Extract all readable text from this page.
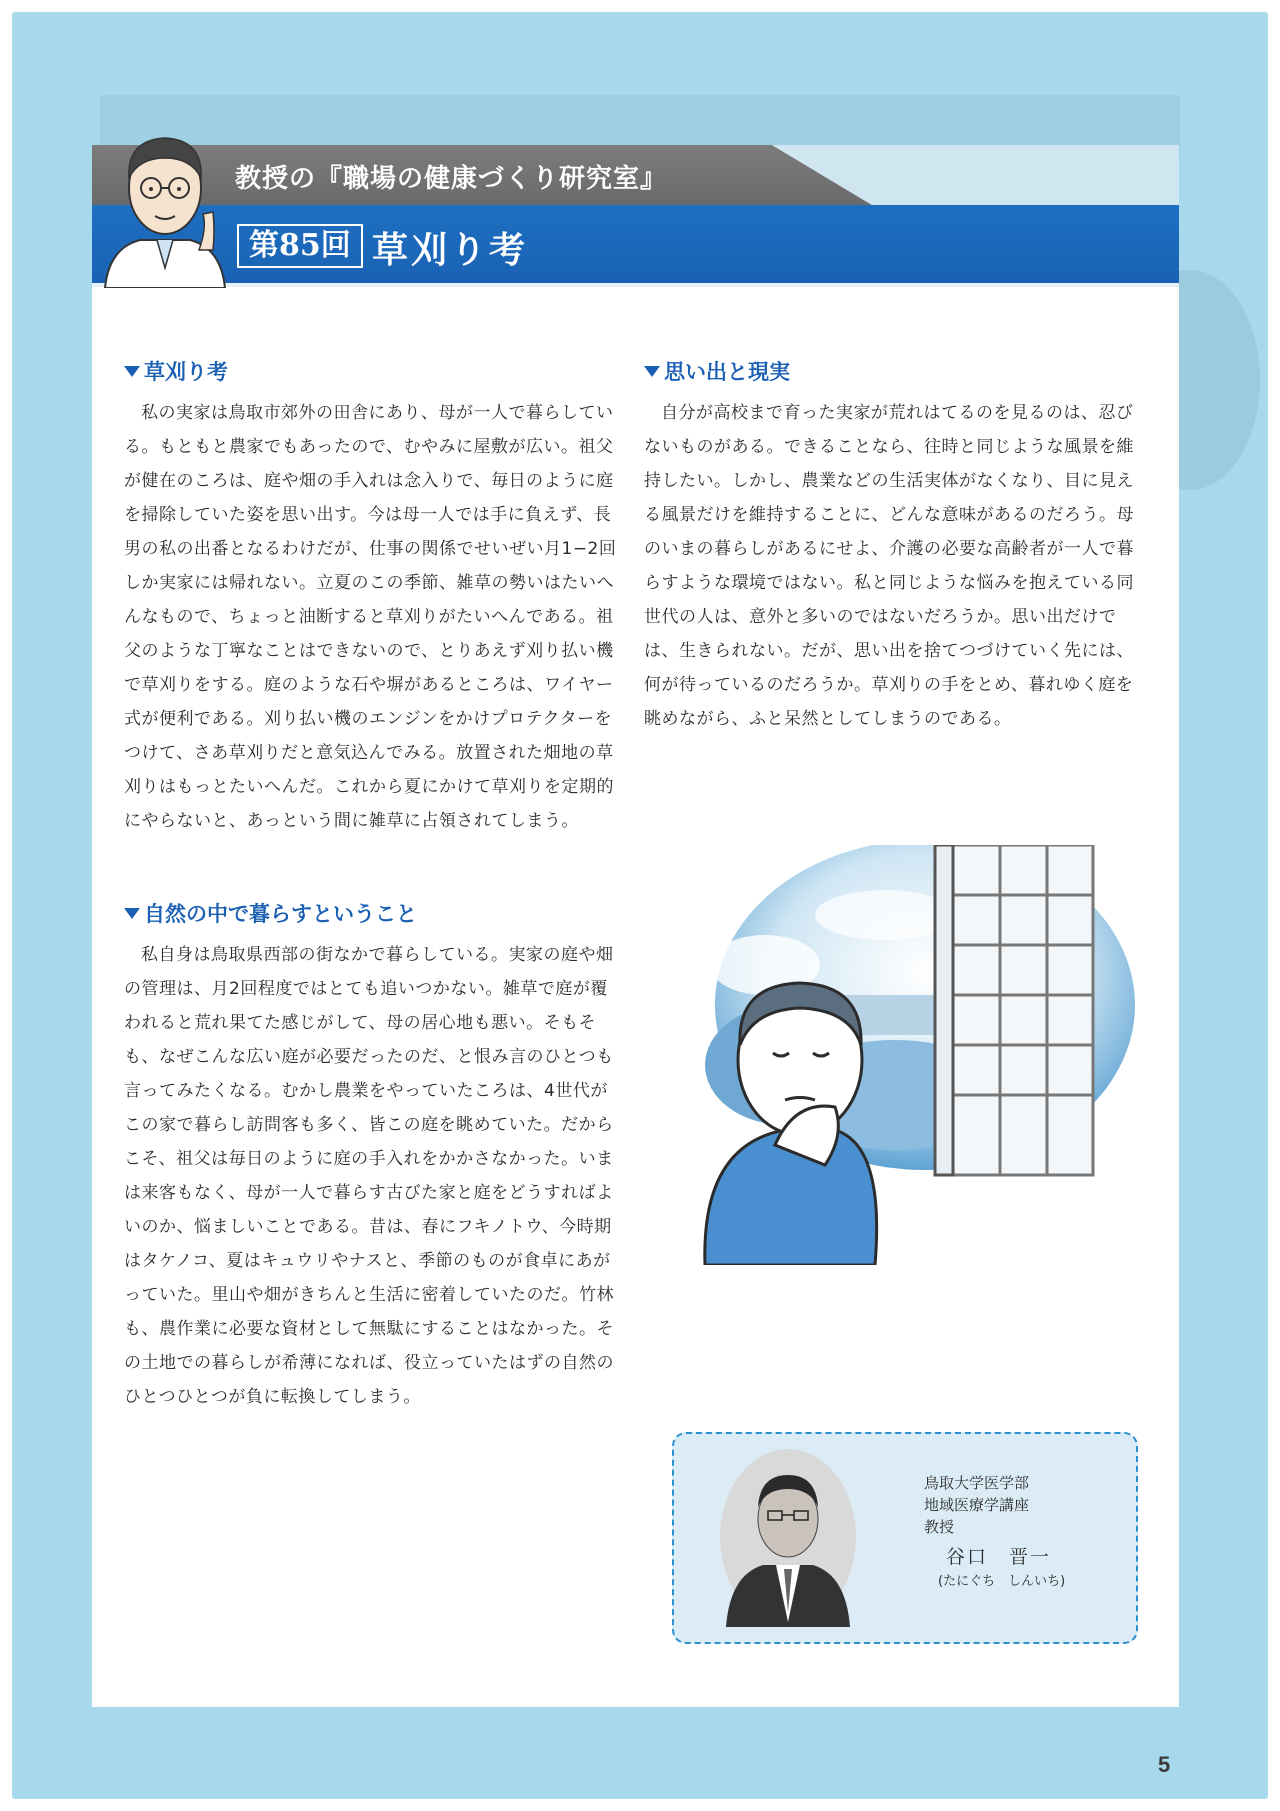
教授の『職場の健康づくり研究室』
第85回 草刈り考
草刈り考

私の実家は鳥取市郊外の田舎にあり、母が一人で暮らしている。もともと農家でもあったので、むやみに屋敷が広い。祖父が健在のころは、庭や畑の手入れは念入りで、毎日のように庭を掃除していた姿を思い出す。今は母一人では手に負えず、長男の私の出番となるわけだが、仕事の関係でせいぜい月1−2回しか実家には帰れない。立夏のこの季節、雑草の勢いはたいへんなもので、ちょっと油断すると草刈りがたいへんである。祖父のような丁寧なことはできないので、とりあえず刈り払い機で草刈りをする。庭のような石や塀があるところは、ワイヤー式が便利である。刈り払い機のエンジンをかけプロテクターをつけて、さあ草刈りだと意気込んでみる。放置された畑地の草刈りはもっとたいへんだ。これから夏にかけて草刈りを定期的にやらないと、あっという間に雑草に占領されてしまう。

自然の中で暮らすということ

私自身は鳥取県西部の街なかで暮らしている。実家の庭や畑の管理は、月2回程度ではとても追いつかない。雑草で庭が覆われると荒れ果てた感じがして、母の居心地も悪い。そもそも、なぜこんな広い庭が必要だったのだ、と恨み言のひとつも言ってみたくなる。むかし農業をやっていたころは、4世代がこの家で暮らし訪問客も多く、皆この庭を眺めていた。だからこそ、祖父は毎日のように庭の手入れをかかさなかった。いまは来客もなく、母が一人で暮らす古びた家と庭をどうすればよいのか、悩ましいことである。昔は、春にフキノトウ、今時期はタケノコ、夏はキュウリやナスと、季節のものが食卓にあがっていた。里山や畑がきちんと生活に密着していたのだ。竹林も、農作業に必要な資材として無駄にすることはなかった。その土地での暮らしが希薄になれば、役立っていたはずの自然のひとつひとつが負に転換してしまう。

思い出と現実

自分が高校まで育った実家が荒れはてるのを見るのは、忍びないものがある。できることなら、往時と同じような風景を維持したい。しかし、農業などの生活実体がなくなり、目に見える風景だけを維持することに、どんな意味があるのだろう。母のいまの暮らしがあるにせよ、介護の必要な高齢者が一人で暮らすような環境ではない。私と同じような悩みを抱えている同世代の人は、意外と多いのではないだろうか。思い出だけでは、生きられない。だが、思い出を捨てつづけていく先には、何が待っているのだろうか。草刈りの手をとめ、暮れゆく庭を眺めながら、ふと呆然としてしまうのである。

鳥取大学医学部
地域医療学講座
教授
谷口　晋一
(たにぐち　しんいち)
5
